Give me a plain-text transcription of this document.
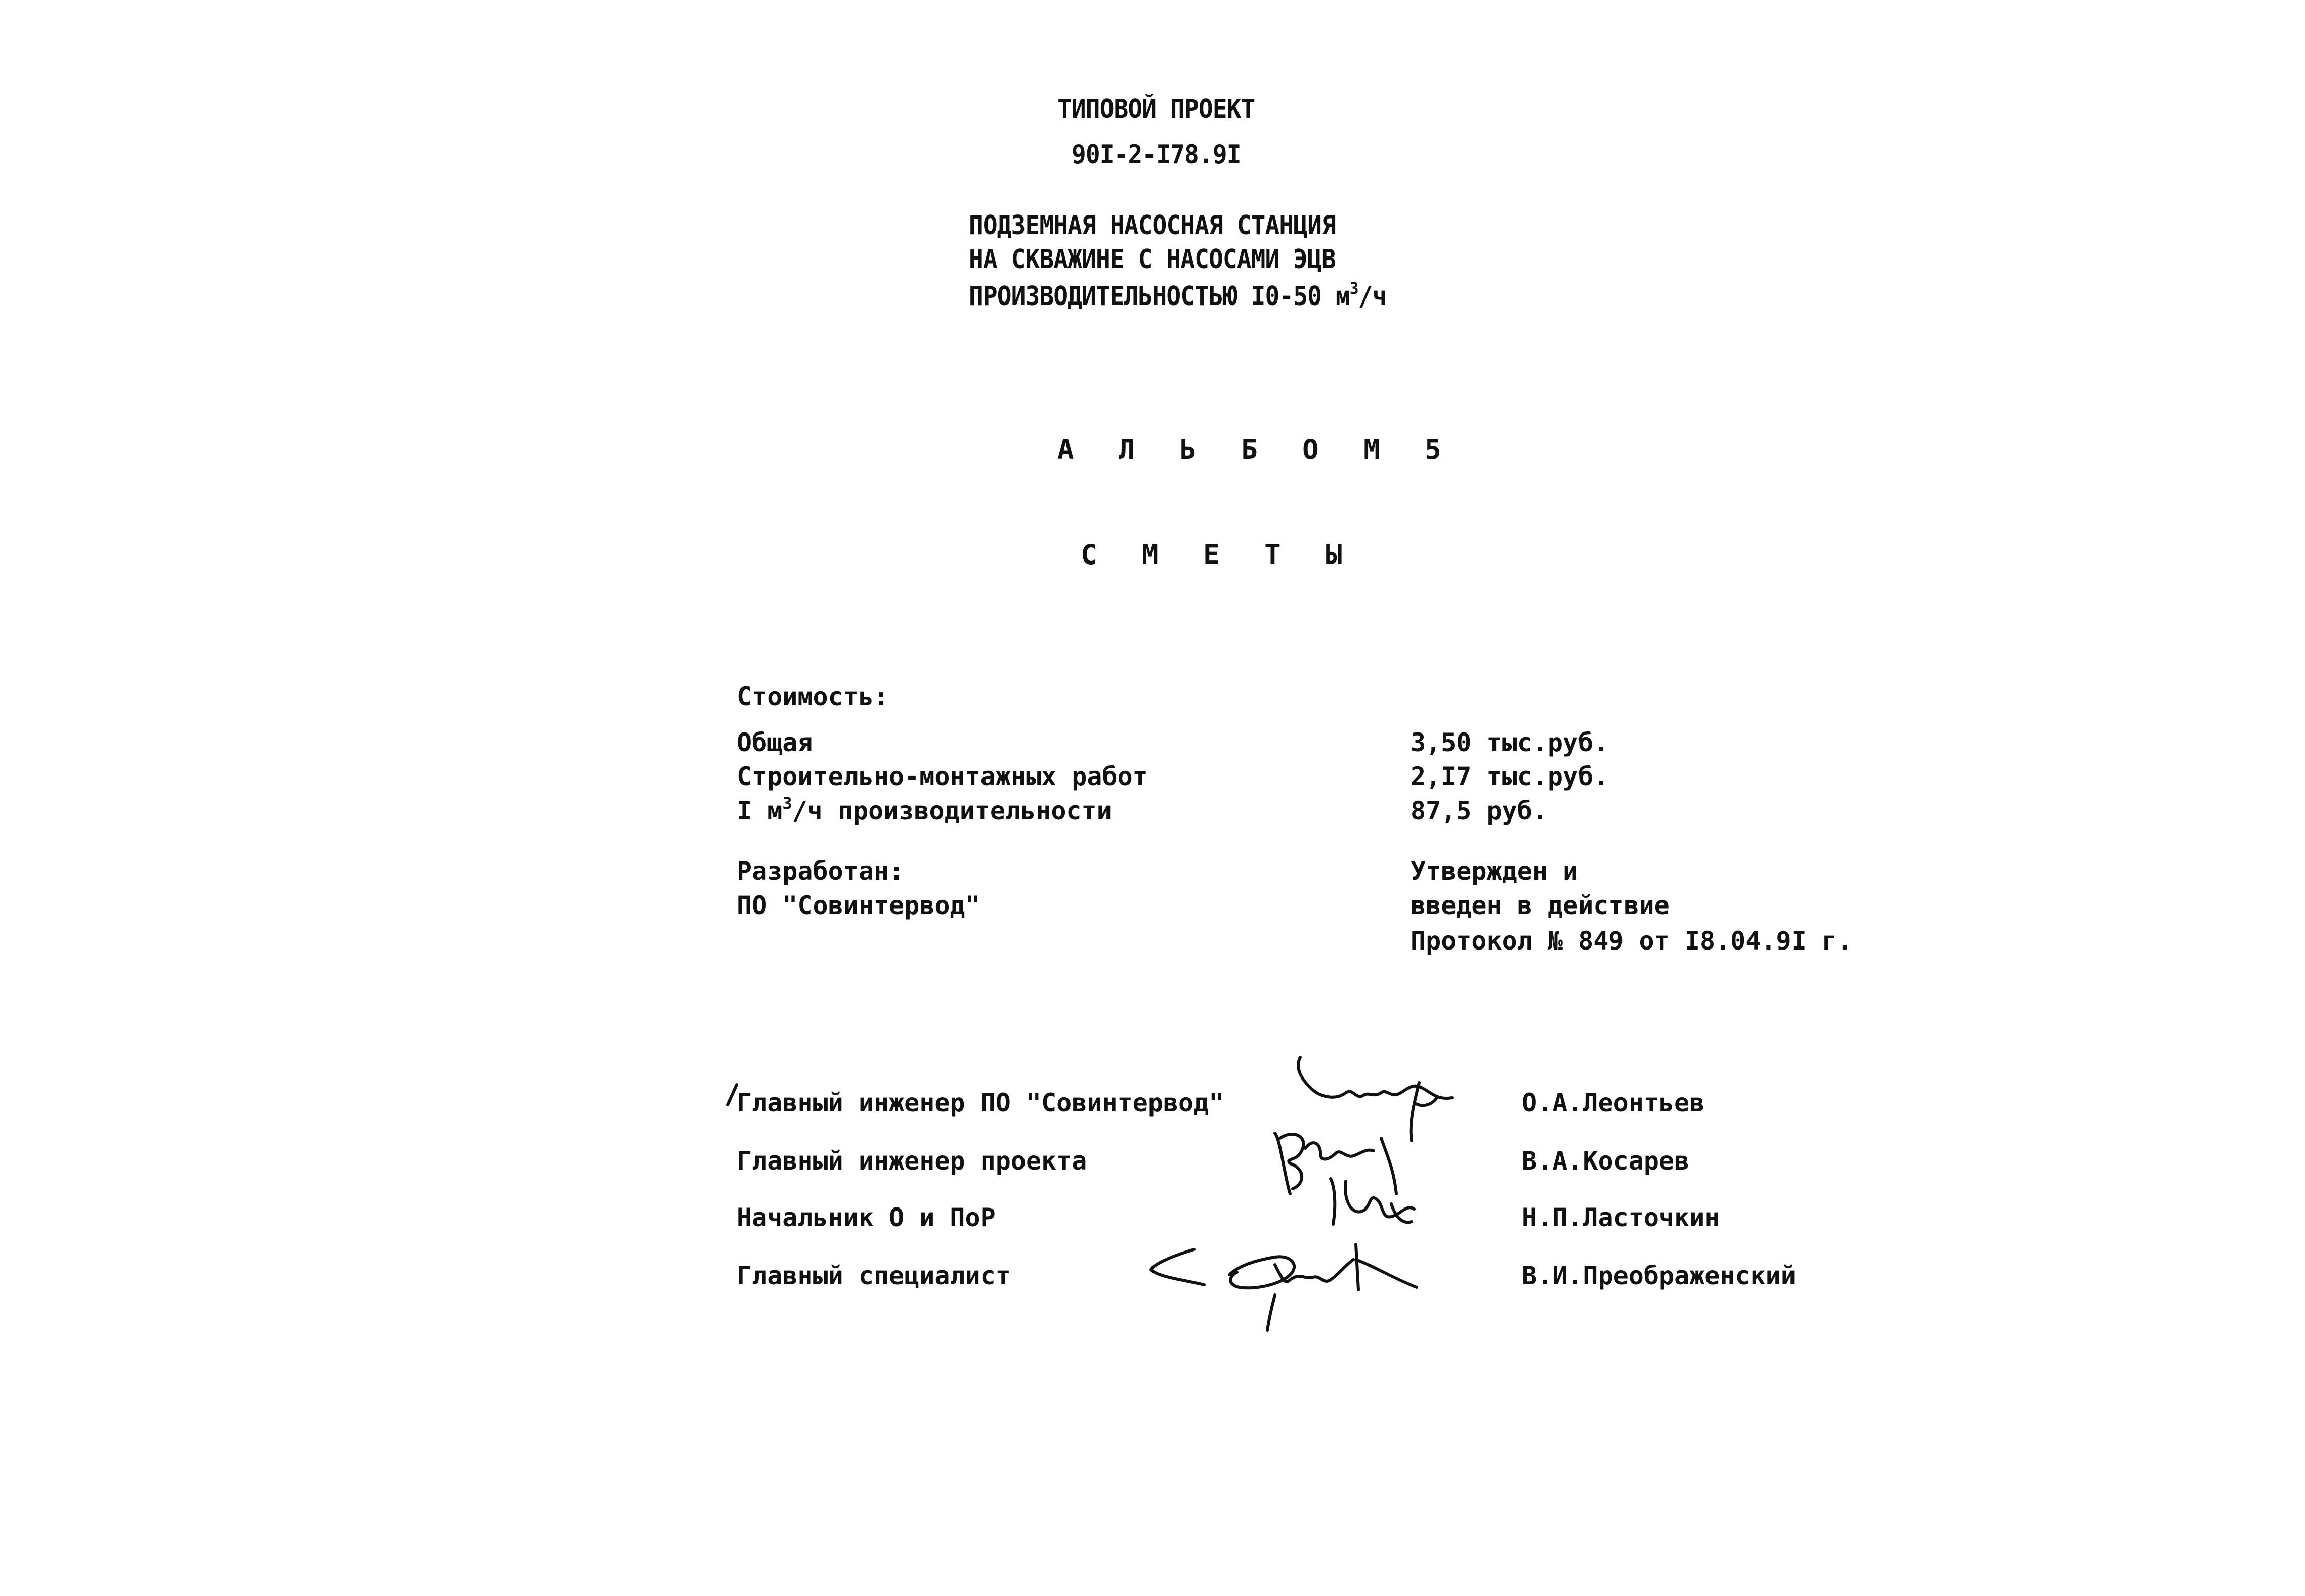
ТИПОВОЙ ПРОЕКТ
90I-2-I78.9I
ПОДЗЕМНАЯ НАСОСНАЯ СТАНЦИЯ
НА СКВАЖИНЕ С НАСОСАМИ ЭЦВ
ПРОИЗВОДИТЕЛЬНОСТЬЮ I0-50 $м^3/ч$
А Л Ь Б О М 5
С М Е Т Ы
Стоимость:
Общая	3,50 тыс.руб.
Строительно-монтажных работ	2,I7 тыс.руб.
I $м^3/ч$ производительности	87,5 руб.
Разработан:
ПО "Совинтервод"
Утвержден и
введен в действие
Протокол № 849 от I8.04.9I г.
Главный инженер ПО "Совинтервод"	О.А.Леонтьев
Главный инженер проекта	В.А.Косарев
Начальник О и ПоР	Н.П.Ласточкин
Главный специалист	В.И.Преображенский
